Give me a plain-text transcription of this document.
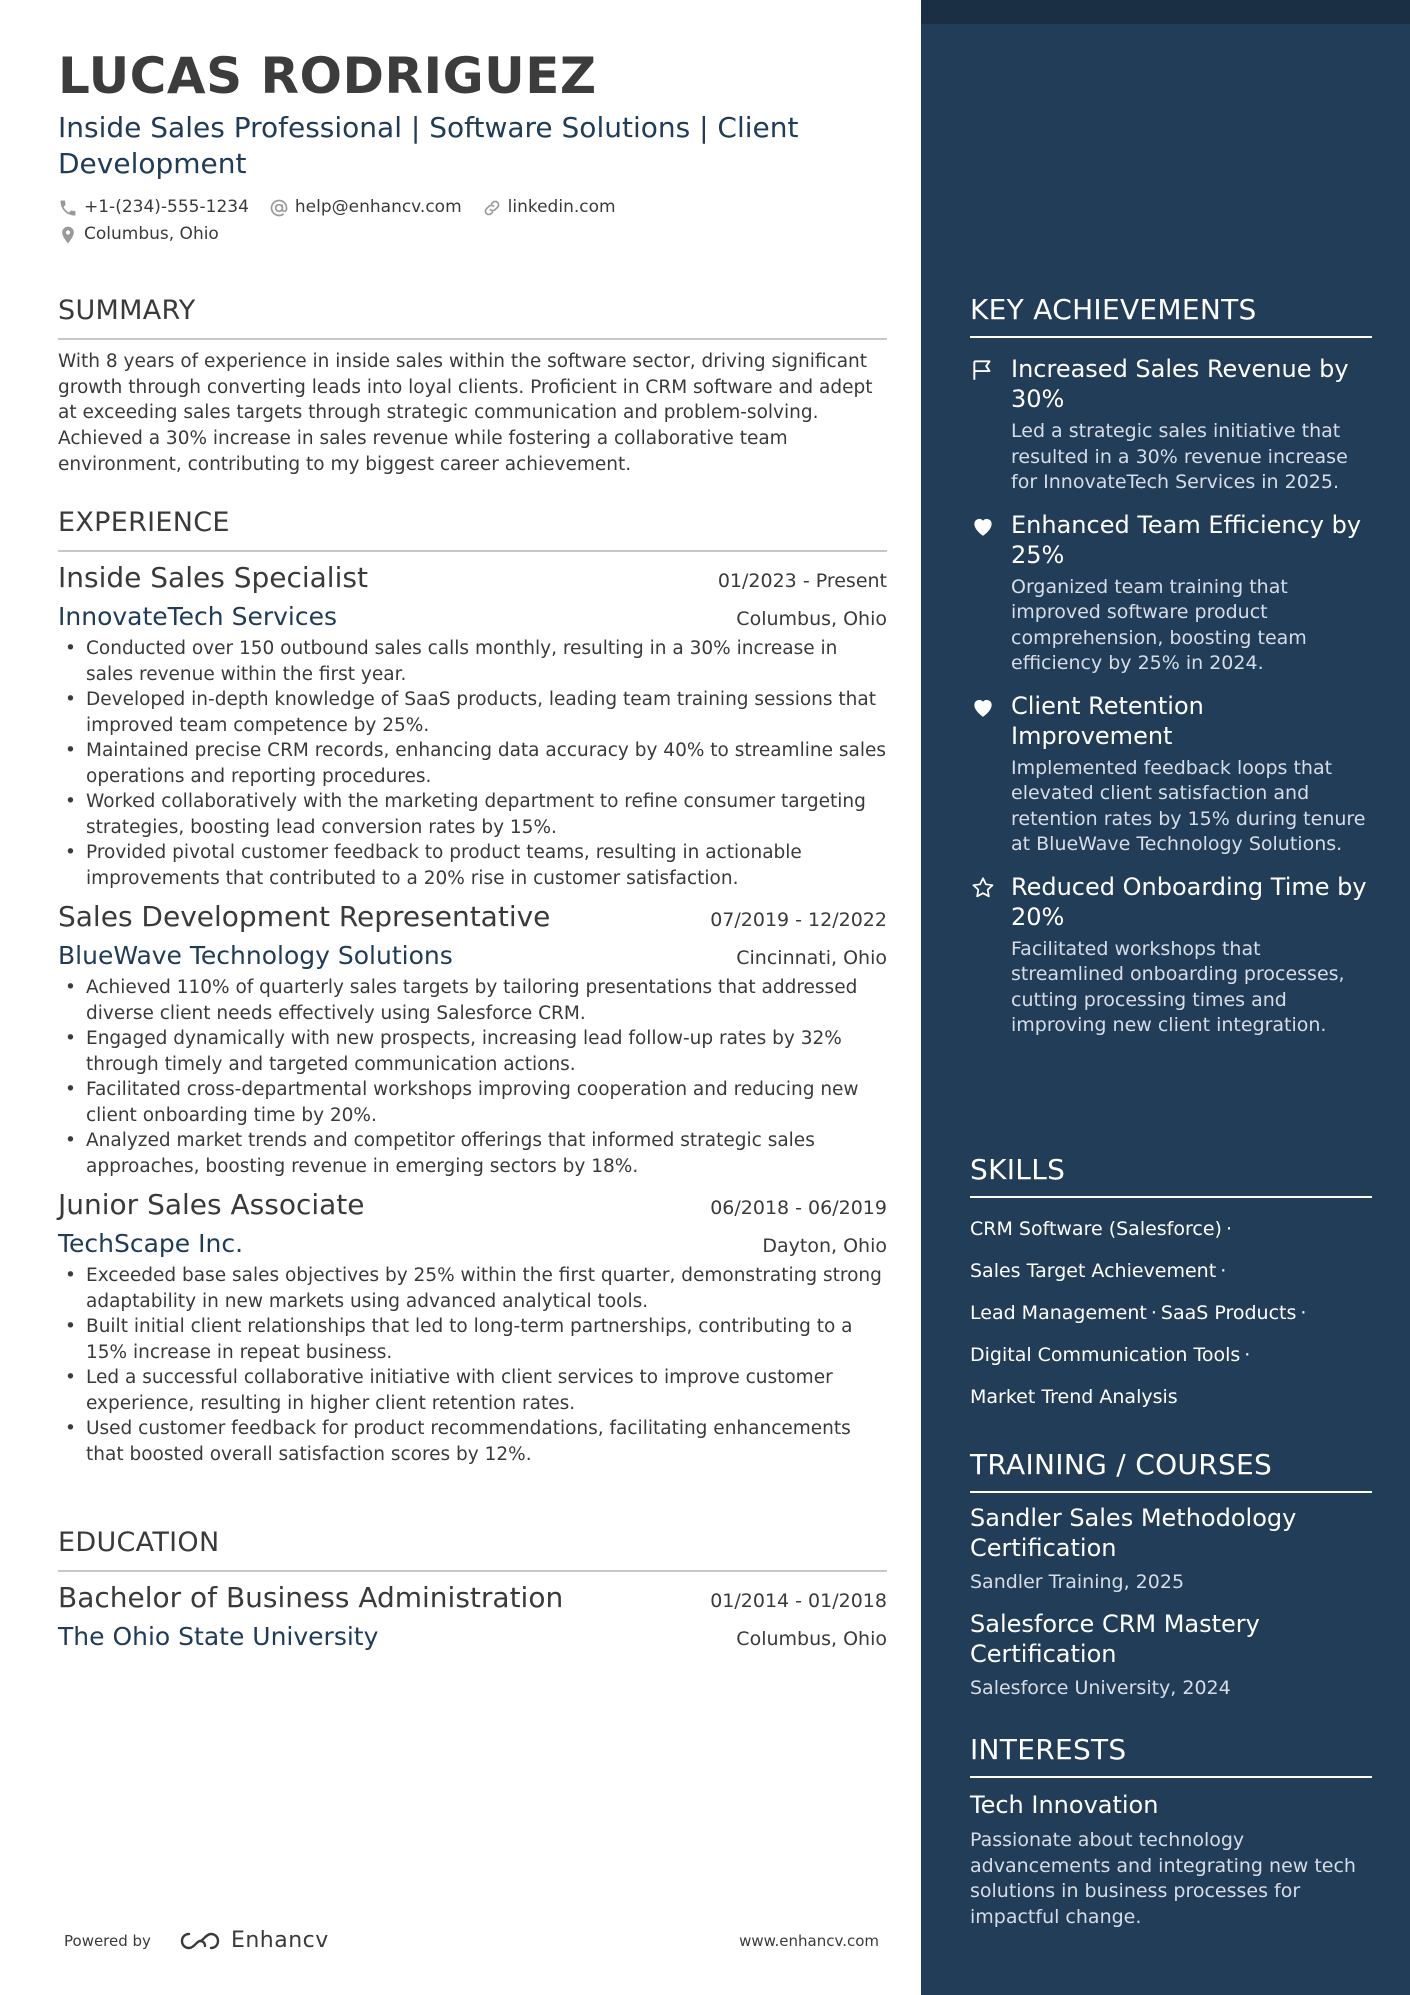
LUCAS RODRIGUEZ
Inside Sales Professional | Software Solutions | Client Development
+1-(234)-555-1234	help@enhancv.com	linkedin.com
Columbus, Ohio
SUMMARY

With 8 years of experience in inside sales within the software sector, driving significant growth through converting leads into loyal clients. Proficient in CRM software and adept at exceeding sales targets through strategic communication and problem-solving. Achieved a 30% increase in sales revenue while fostering a collaborative team environment, contributing to my biggest career achievement.

EXPERIENCE
Inside Sales Specialist	01/2023 - Present
InnovateTech Services	Columbus, Ohio
• Conducted over 150 outbound sales calls monthly, resulting in a 30% increase in sales revenue within the first year.
• Developed in-depth knowledge of SaaS products, leading team training sessions that improved team competence by 25%.
• Maintained precise CRM records, enhancing data accuracy by 40% to streamline sales operations and reporting procedures.
• Worked collaboratively with the marketing department to refine consumer targeting strategies, boosting lead conversion rates by 15%.
• Provided pivotal customer feedback to product teams, resulting in actionable improvements that contributed to a 20% rise in customer satisfaction.
Sales Development Representative	07/2019 - 12/2022
BlueWave Technology Solutions	Cincinnati, Ohio
• Achieved 110% of quarterly sales targets by tailoring presentations that addressed diverse client needs effectively using Salesforce CRM.
• Engaged dynamically with new prospects, increasing lead follow-up rates by 32% through timely and targeted communication actions.
• Facilitated cross-departmental workshops improving cooperation and reducing new client onboarding time by 20%.
• Analyzed market trends and competitor offerings that informed strategic sales approaches, boosting revenue in emerging sectors by 18%.
Junior Sales Associate	06/2018 - 06/2019
TechScape Inc.	Dayton, Ohio
• Exceeded base sales objectives by 25% within the first quarter, demonstrating strong adaptability in new markets using advanced analytical tools.
• Built initial client relationships that led to long-term partnerships, contributing to a 15% increase in repeat business.
• Led a successful collaborative initiative with client services to improve customer experience, resulting in higher client retention rates.
• Used customer feedback for product recommendations, facilitating enhancements that boosted overall satisfaction scores by 12%.
EDUCATION
Bachelor of Business Administration	01/2014 - 01/2018
The Ohio State University	Columbus, Ohio
Powered by	Enhancv	www.enhancv.com
KEY ACHIEVEMENTS
Increased Sales Revenue by 30%
Led a strategic sales initiative that resulted in a 30% revenue increase for InnovateTech Services in 2025.
Enhanced Team Efficiency by 25%
Organized team training that improved software product comprehension, boosting team efficiency by 25% in 2024.
Client Retention Improvement
Implemented feedback loops that elevated client satisfaction and retention rates by 15% during tenure at BlueWave Technology Solutions.
Reduced Onboarding Time by 20%
Facilitated workshops that streamlined onboarding processes, cutting processing times and improving new client integration.
SKILLS
CRM Software (Salesforce) ·
Sales Target Achievement ·
Lead Management · SaaS Products ·
Digital Communication Tools ·
Market Trend Analysis
TRAINING / COURSES
Sandler Sales Methodology Certification
Sandler Training, 2025
Salesforce CRM Mastery Certification
Salesforce University, 2024
INTERESTS
Tech Innovation
Passionate about technology advancements and integrating new tech solutions in business processes for impactful change.
